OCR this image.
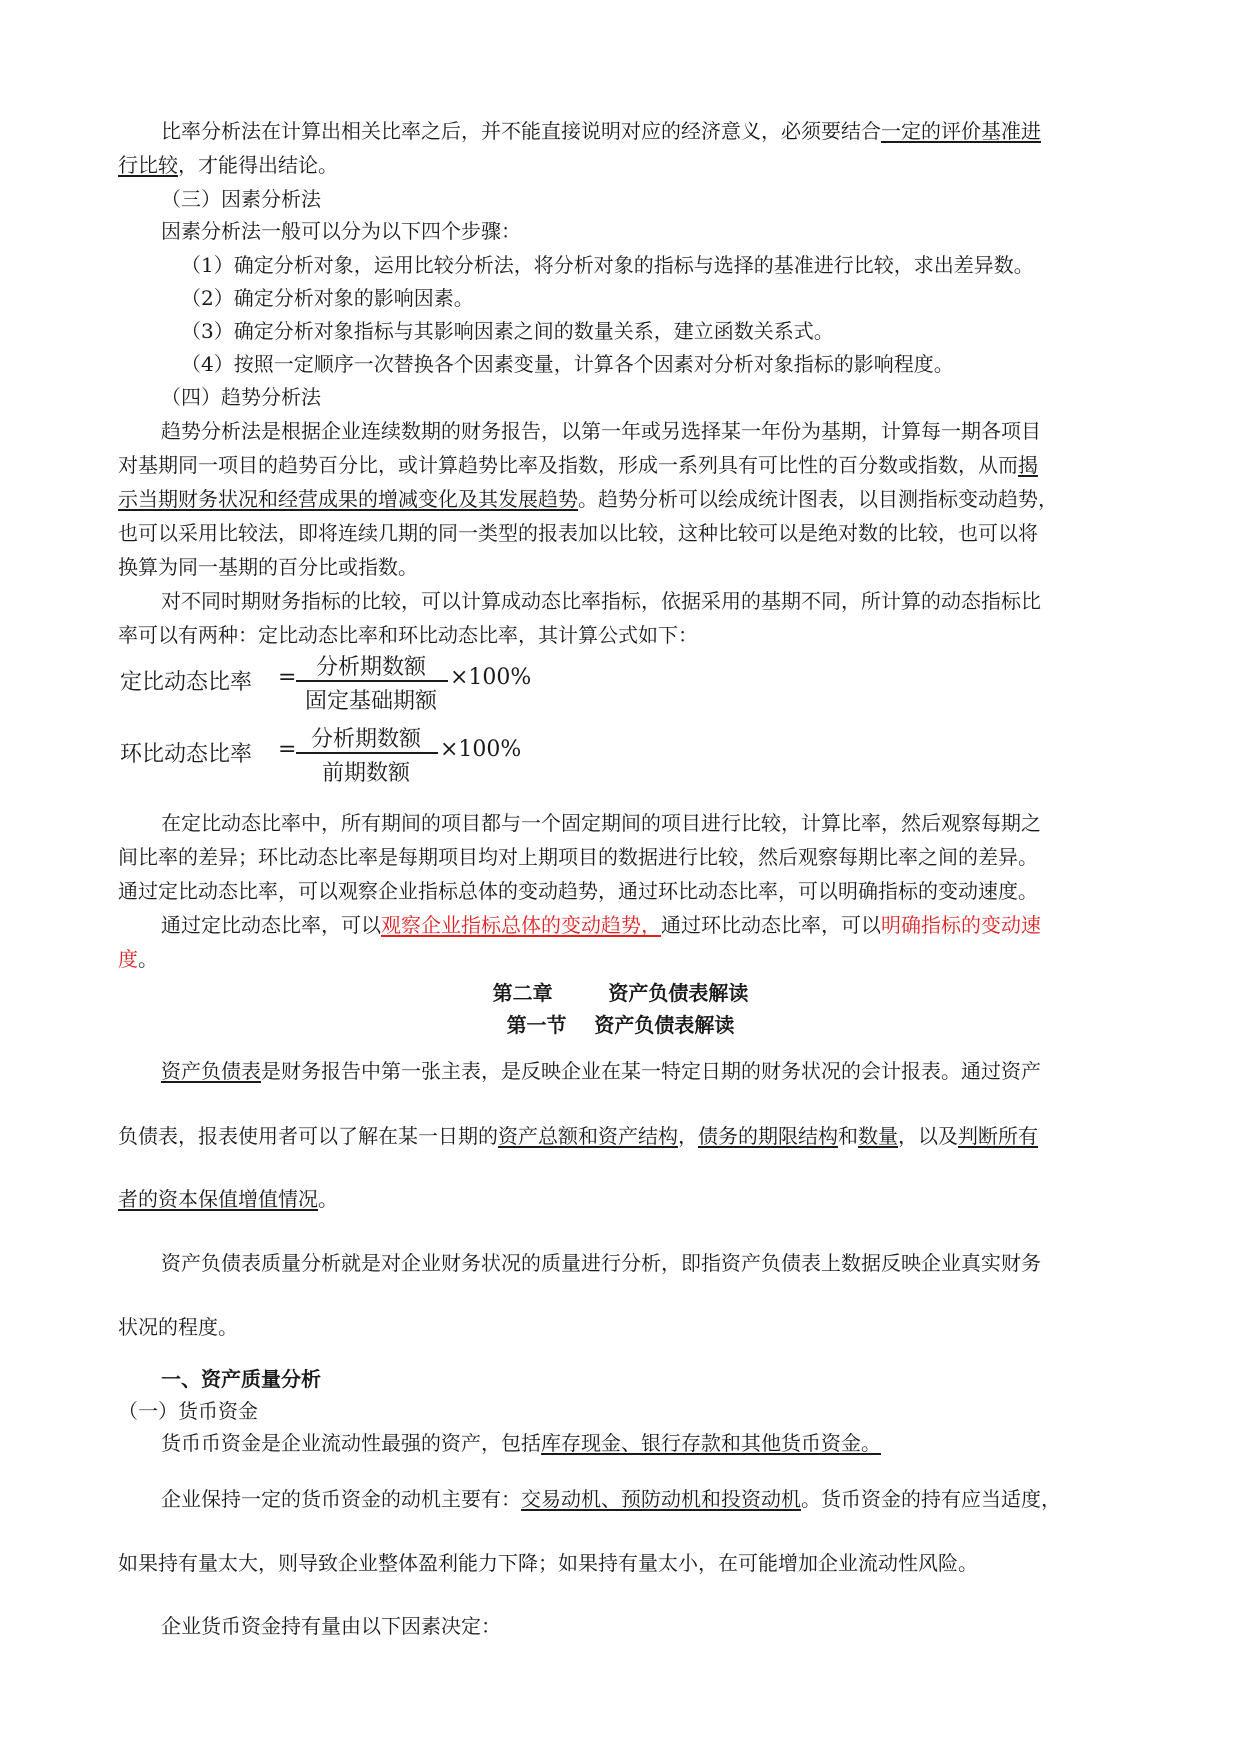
比率分析法在计算出相关比率之后，并不能直接说明对应的经济意义，必须要结合一定的评价基准进
行比较，才能得出结论。
（三）因素分析法
因素分析法一般可以分为以下四个步骤：
（1）确定分析对象，运用比较分析法，将分析对象的指标与选择的基准进行比较，求出差异数。
（2）确定分析对象的影响因素。
（3）确定分析对象指标与其影响因素之间的数量关系，建立函数关系式。
（4）按照一定顺序一次替换各个因素变量，计算各个因素对分析对象指标的影响程度。
（四）趋势分析法
趋势分析法是根据企业连续数期的财务报告，以第一年或另选择某一年份为基期，计算每一期各项目
对基期同一项目的趋势百分比，或计算趋势比率及指数，形成一系列具有可比性的百分数或指数，从而揭
示当期财务状况和经营成果的增减变化及其发展趋势。趋势分析可以绘成统计图表，以目测指标变动趋势，
也可以采用比较法，即将连续几期的同一类型的报表加以比较，这种比较可以是绝对数的比较，也可以将
换算为同一基期的百分比或指数。
对不同时期财务指标的比较，可以计算成动态比率指标，依据采用的基期不同，所计算的动态指标比
率可以有两种：定比动态比率和环比动态比率，其计算公式如下：
定比动态比率 = 分析期数额
固定基础期额
×100%
环比动态比率 = 分析期数额
前期数额
×100%
在定比动态比率中，所有期间的项目都与一个固定期间的项目进行比较，计算比率，然后观察每期之
间比率的差异；环比动态比率是每期项目均对上期项目的数据进行比较，然后观察每期比率之间的差异。
通过定比动态比率，可以观察企业指标总体的变动趋势，通过环比动态比率，可以明确指标的变动速度。
通过定比动态比率，可以观察企业指标总体的变动趋势，通过环比动态比率，可以明确指标的变动速
度。
第二章        资产负债表解读
第一节    资产负债表解读
资产负债表是财务报告中第一张主表，是反映企业在某一特定日期的财务状况的会计报表。通过资产
负债表，报表使用者可以了解在某一日期的资产总额和资产结构，债务的期限结构和数量，以及判断所有
者的资本保值增值情况。
资产负债表质量分析就是对企业财务状况的质量进行分析，即指资产负债表上数据反映企业真实财务
状况的程度。
一、资产质量分析
（一）货币资金
货币币资金是企业流动性最强的资产，包括库存现金、银行存款和其他货币资金。
企业保持一定的货币资金的动机主要有：交易动机、预防动机和投资动机。货币资金的持有应当适度，
如果持有量太大，则导致企业整体盈利能力下降；如果持有量太小，在可能增加企业流动性风险。
企业货币资金持有量由以下因素决定：
